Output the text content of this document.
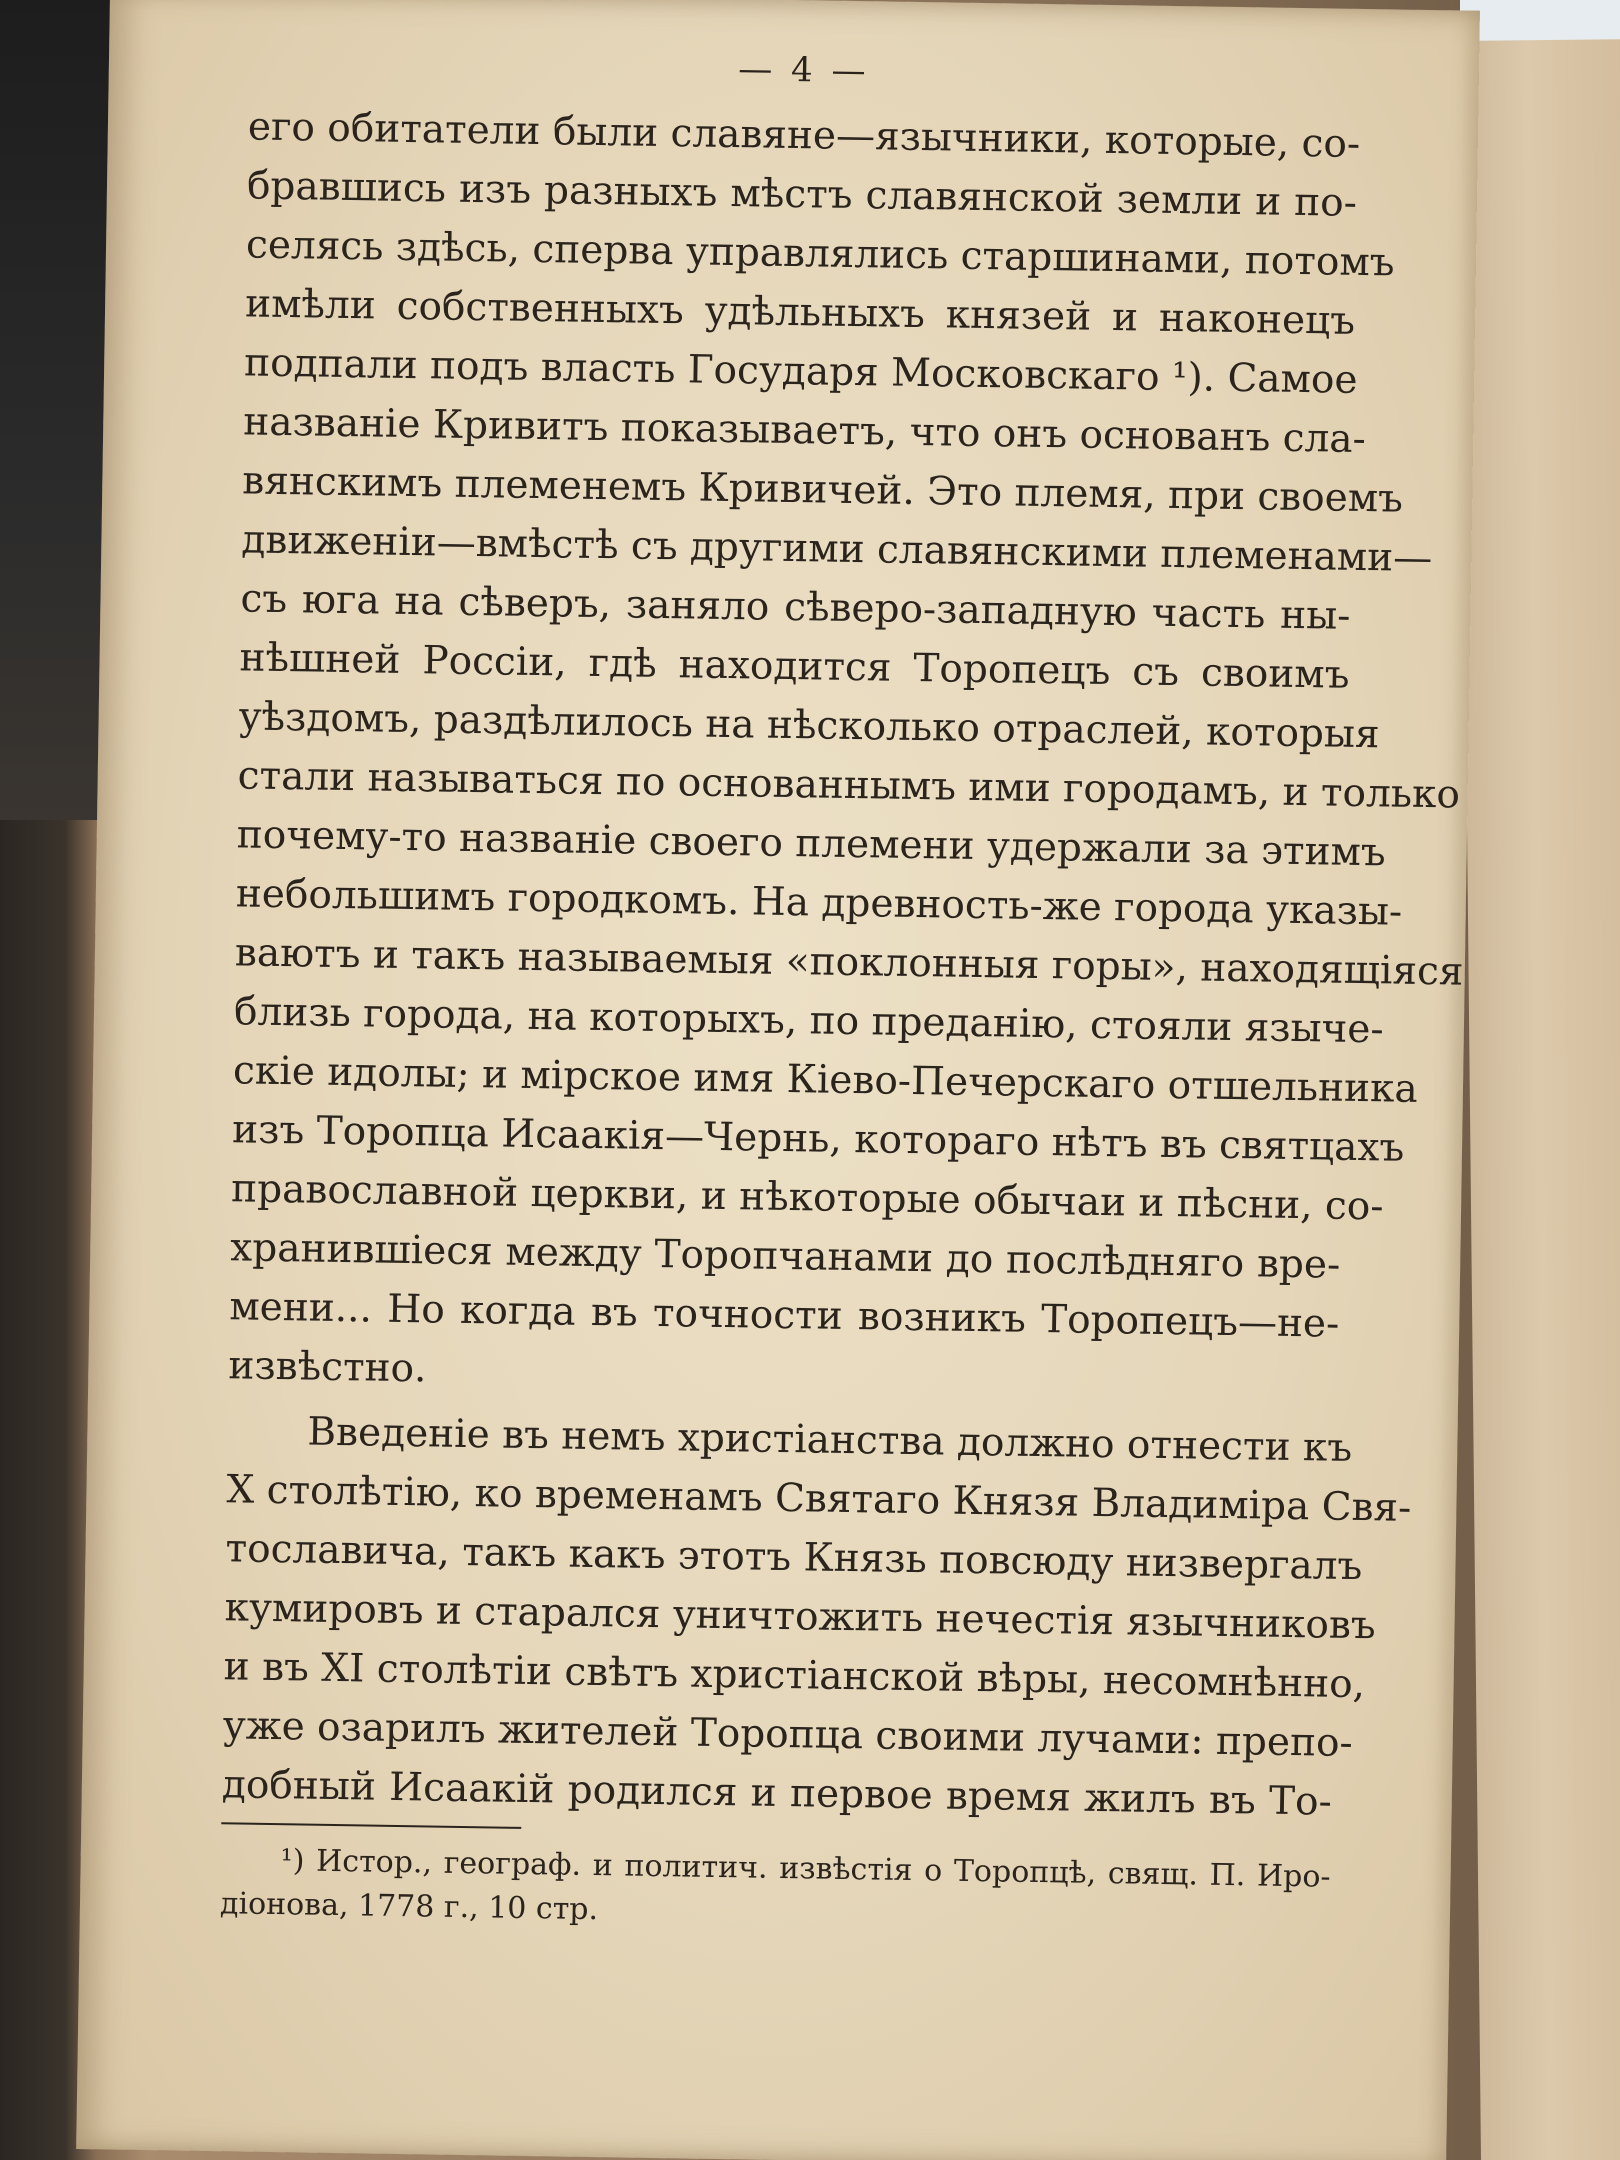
— 4 —
его обитатели были славяне—язычники, которые, со-
бравшись изъ разныхъ мѣстъ славянской земли и по-
селясь здѣсь, сперва управлялись старшинами, потомъ
имѣли собственныхъ удѣльныхъ князей и наконецъ
подпали подъ власть Государя Московскаго ¹). Самое
названіе Кривитъ показываетъ, что онъ основанъ сла-
вянскимъ племенемъ Кривичей. Это племя, при своемъ
движеніи—вмѣстѣ съ другими славянскими племенами—
съ юга на сѣверъ, заняло сѣверо-западную часть ны-
нѣшней Россіи, гдѣ находится Торопецъ съ своимъ
уѣздомъ, раздѣлилось на нѣсколько отраслей, которыя
стали называться по основаннымъ ими городамъ, и только
почему-то названіе своего племени удержали за этимъ
небольшимъ городкомъ. На древность-же города указы-
ваютъ и такъ называемыя «поклонныя горы», находящіяся
близь города, на которыхъ, по преданію, стояли языче-
скіе идолы; и мірское имя Кіево-Печерскаго отшельника
изъ Торопца Исаакія—Чернь, котораго нѣтъ въ святцахъ
православной церкви, и нѣкоторые обычаи и пѣсни, со-
хранившіеся между Торопчанами до послѣдняго вре-
мени... Но когда въ точности возникъ Торопецъ—не-
извѣстно.
Введеніе въ немъ христіанства должно отнести къ
X столѣтію, ко временамъ Святаго Князя Владиміра Свя-
тославича, такъ какъ этотъ Князь повсюду низвергалъ
кумировъ и старался уничтожить нечестія язычниковъ
и въ XI столѣтіи свѣтъ христіанской вѣры, несомнѣнно,
уже озарилъ жителей Торопца своими лучами: препо-
добный Исаакій родился и первое время жилъ въ То-
¹) Истор., географ. и политич. извѣстія о Торопцѣ, свящ. П. Иро-
діонова, 1778 г., 10 стр.
